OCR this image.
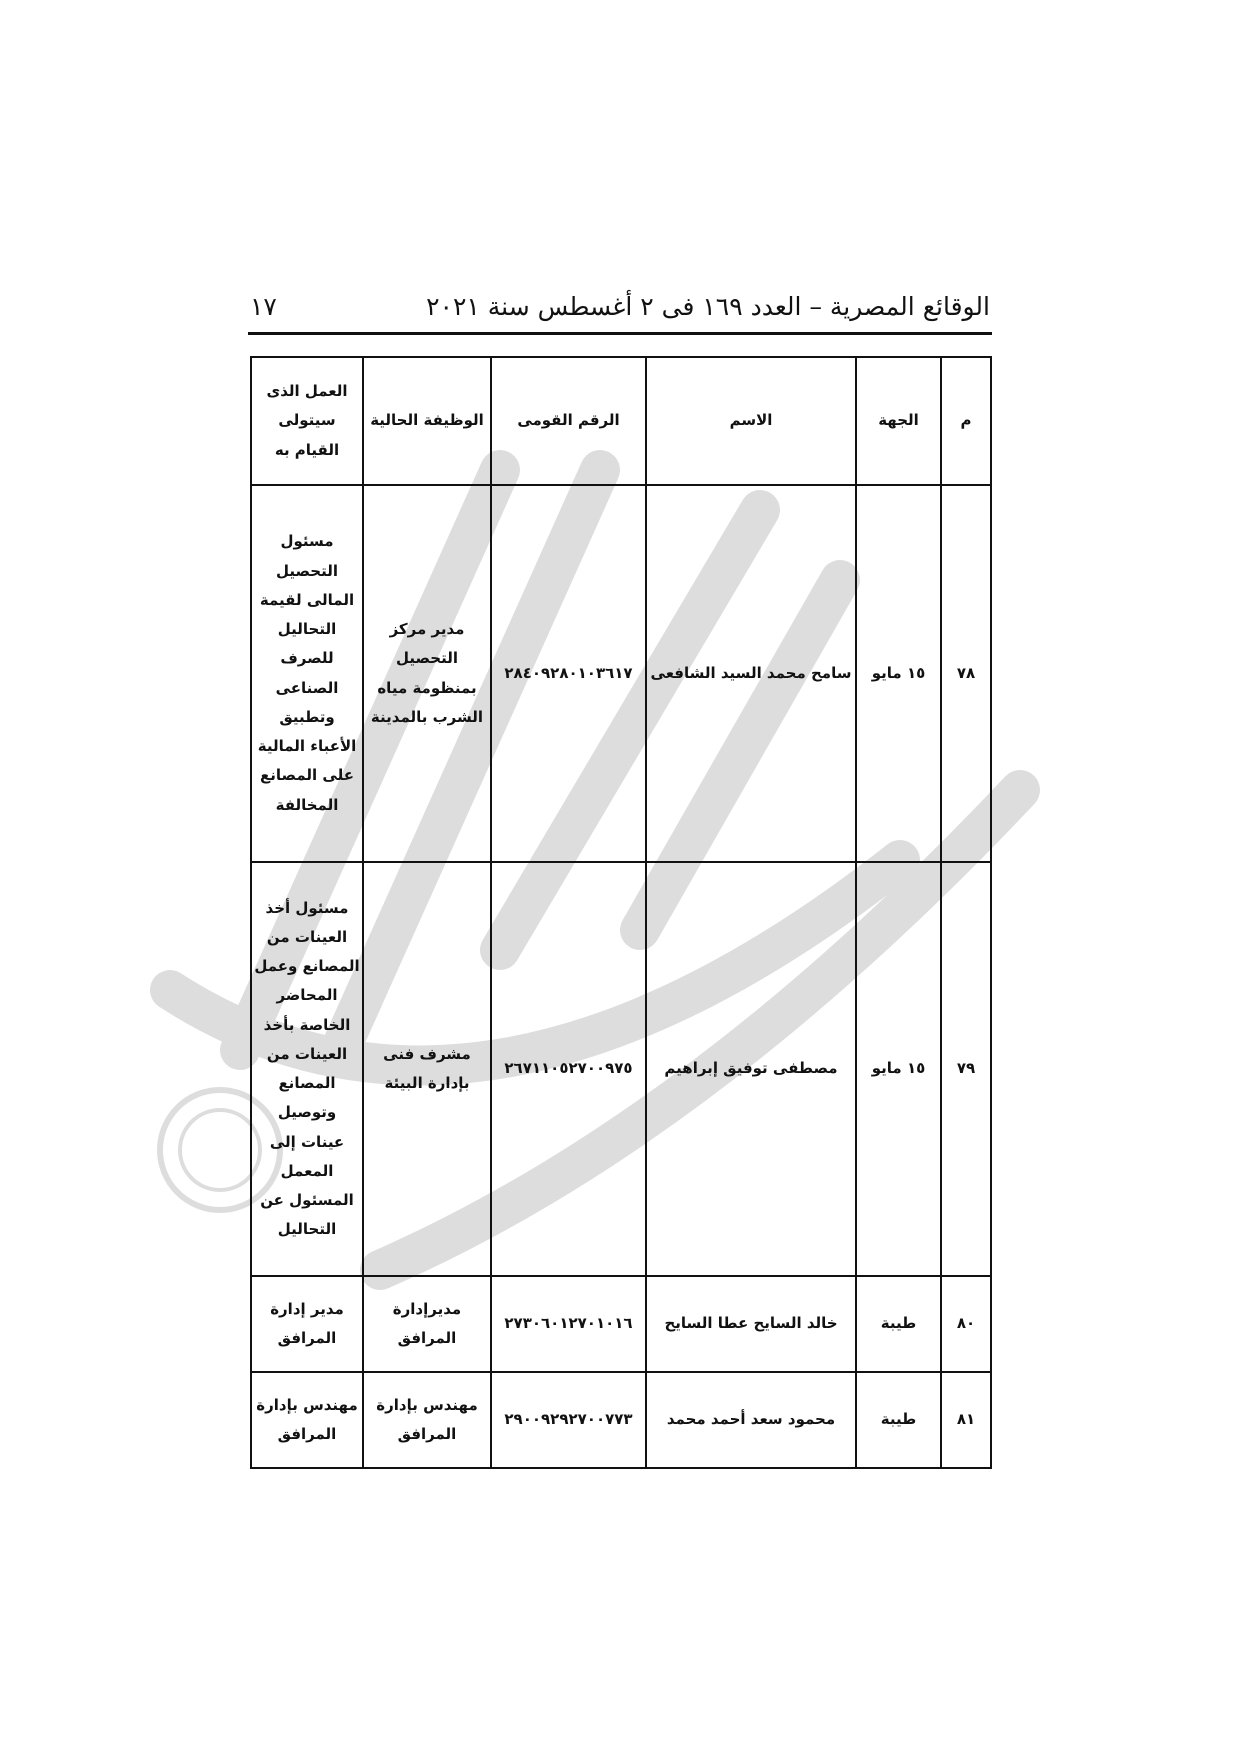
الوقائع المصرية – العدد ١٦٩ فى ٢ أغسطس سنة ٢٠٢١
١٧
م	الجهة	الاسم	الرقم القومى	الوظيفة الحالية	العمل الذى سيتولى القيام به
٧٨	١٥ مايو	سامح محمد السيد الشافعى	٢٨٤٠٩٢٨٠١٠٣٦١٧	مدير مركز التحصيل بمنظومة مياه الشرب بالمدينة	مسئول التحصيل المالى لقيمة التحاليل للصرف الصناعى وتطبيق الأعباء المالية على المصانع المخالفة
٧٩	١٥ مايو	مصطفى توفيق إبراهيم	٢٦٧١١٠٥٢٧٠٠٩٧٥	مشرف فنى بإدارة البيئة	مسئول أخذ العينات من المصانع وعمل المحاضر الخاصة بأخذ العينات من المصانع وتوصيل عينات إلى المعمل المسئول عن التحاليل
٨٠	طيبة	خالد السايح عطا السايح	٢٧٣٠٦٠١٢٧٠١٠١٦	مديرإدارة المرافق	مدير إدارة المرافق
٨١	طيبة	محمود سعد أحمد محمد	٢٩٠٠٩٢٩٢٧٠٠٧٧٣	مهندس بإدارة المرافق	مهندس بإدارة المرافق
